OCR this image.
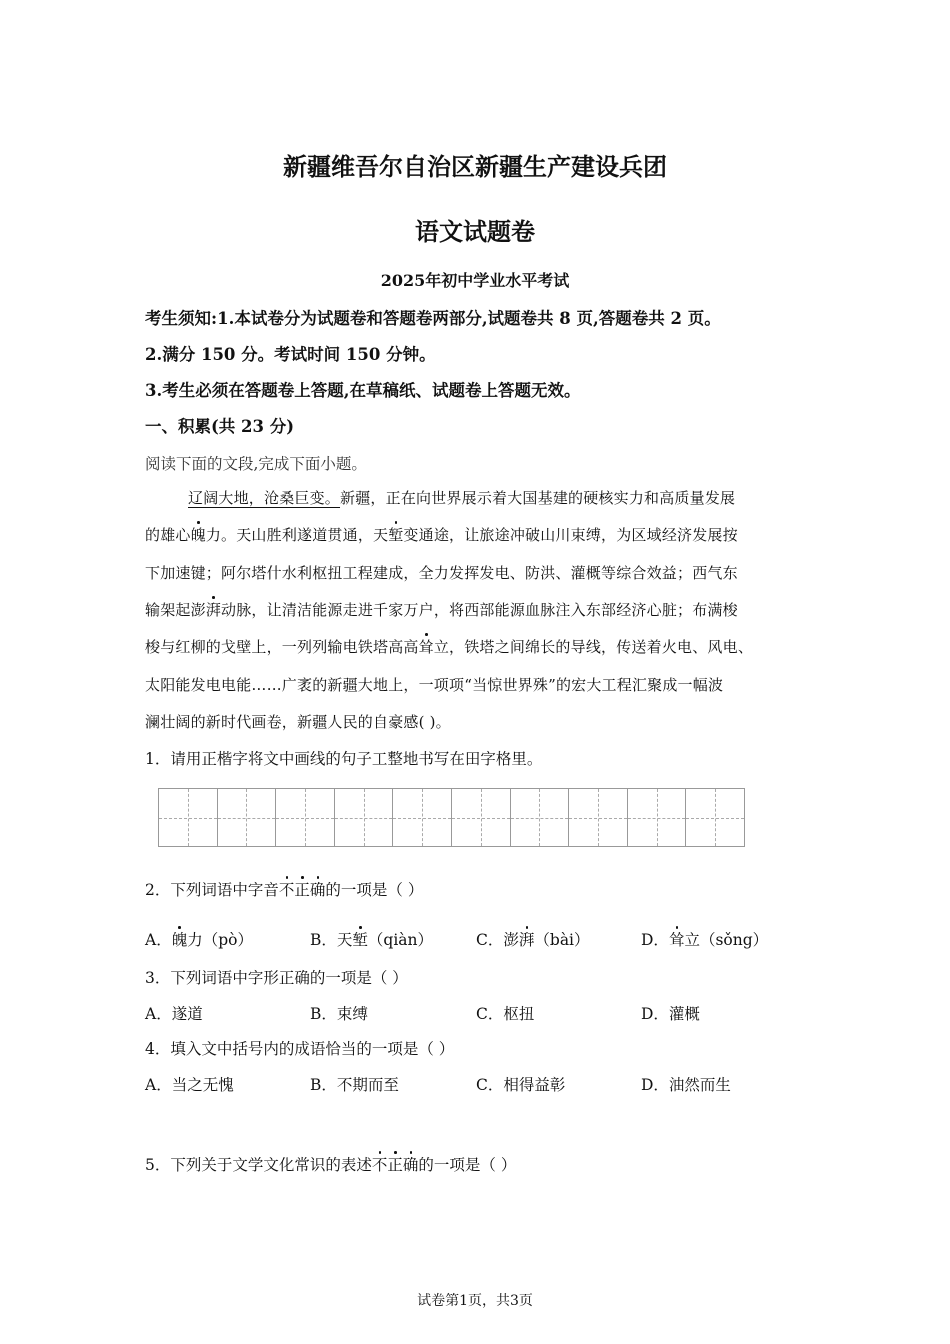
新疆维吾尔自治区新疆生产建设兵团
语文试题卷
2025年初中学业水平考试
考生须知:1.本试卷分为试题卷和答题卷两部分,试题卷共 8 页,答题卷共 2 页。
2.满分 150 分。考试时间 150 分钟。
3.考生必须在答题卷上答题,在草稿纸、试题卷上答题无效。
一、积累(共 23 分)
阅读下面的文段,完成下面小题。
辽阔大地，沧桑巨变。新疆，正在向世界展示着大国基建的硬核实力和高质量发展
的雄心魄力。天山胜利遂道贯通，天堑变通途，让旅途冲破山川束缚，为区域经济发展按
下加速键；阿尔塔什水利枢扭工程建成，全力发挥发电、防洪、灌概等综合效益；西气东
输架起澎湃动脉，让清洁能源走进千家万户，将西部能源血脉注入东部经济心脏；布满梭
梭与红柳的戈壁上，一列列输电铁塔高高耸立，铁塔之间绵长的导线，传送着火电、风电、
太阳能发电电能……广袤的新疆大地上，一项项“当惊世界殊”的宏大工程汇聚成一幅波
澜壮阔的新时代画卷，新疆人民的自豪感( )。
1．请用正楷字将文中画线的句子工整地书写在田字格里。
2．下列词语中字音不正确的一项是（ ）
A．魄力（pò）	B．天堑（qiàn）	C．澎湃（bài）	D．耸立（sǒng）
3．下列词语中字形正确的一项是（ ）
A．遂道	B．束缚	C．枢扭	D．灌概
4．填入文中括号内的成语恰当的一项是（ ）
A．当之无愧	B．不期而至	C．相得益彰	D．油然而生
5．下列关于文学文化常识的表述不正确的一项是（ ）
试卷第1页，共3页
